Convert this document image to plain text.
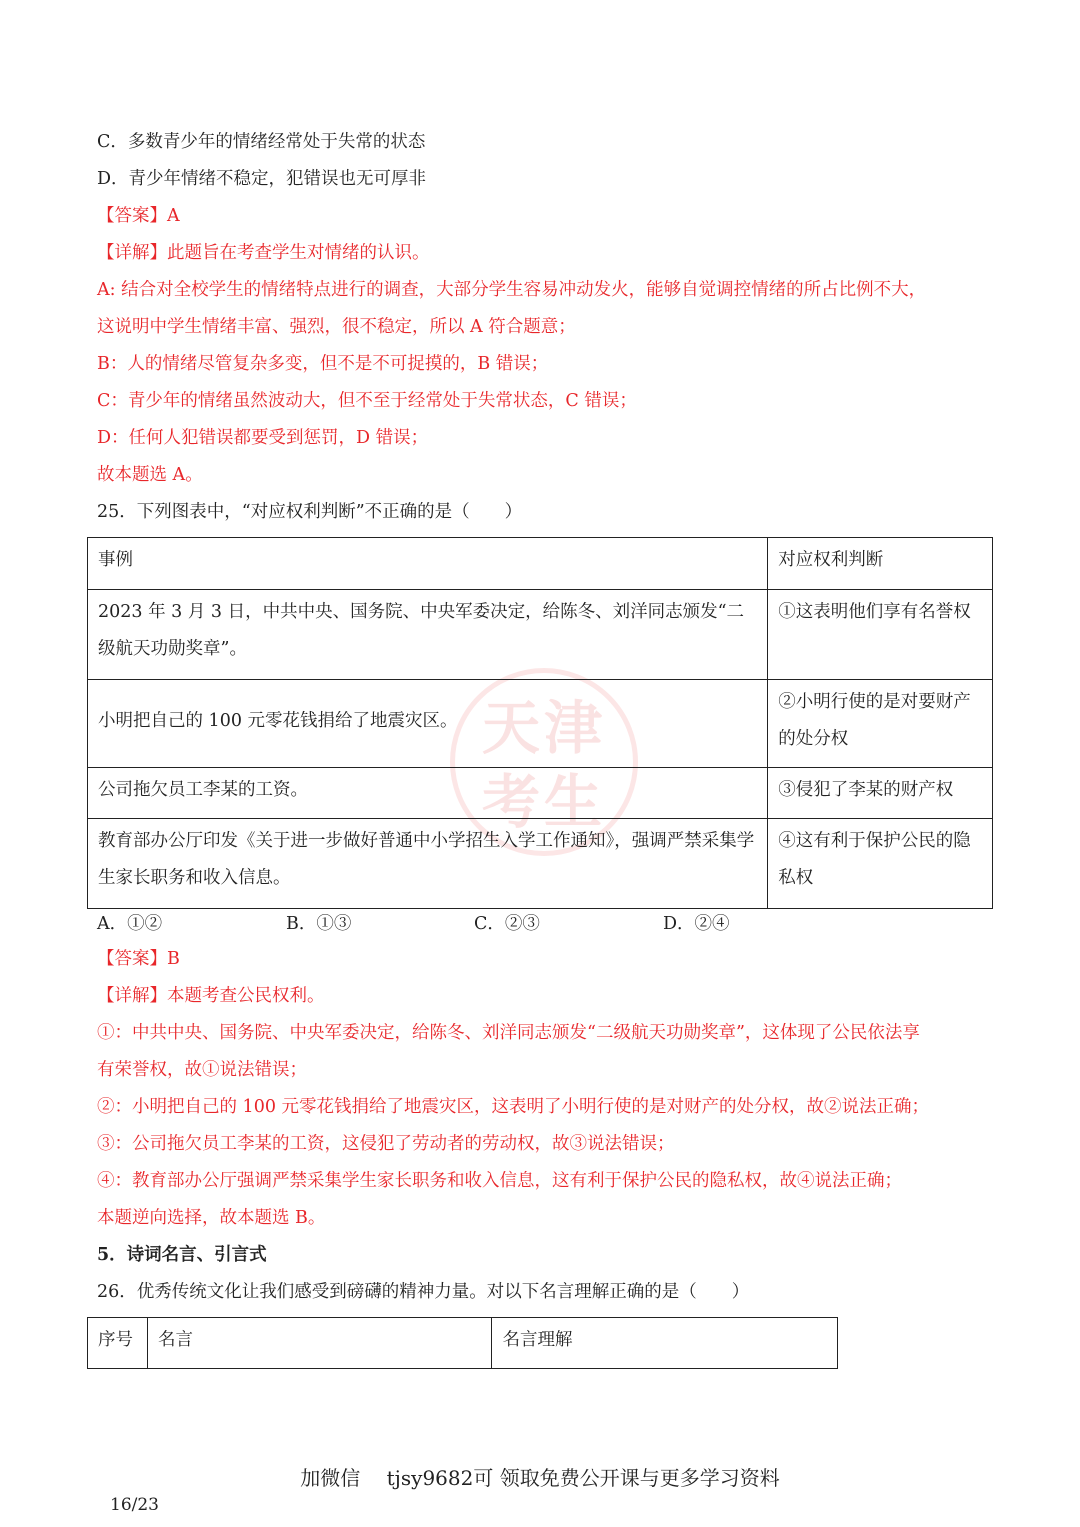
C．多数青少年的情绪经常处于失常的状态
D．青少年情绪不稳定，犯错误也无可厚非
【答案】A
【详解】此题旨在考查学生对情绪的认识。
A: 结合对全校学生的情绪特点进行的调查，大部分学生容易冲动发火，能够自觉调控情绪的所占比例不大，
这说明中学生情绪丰富、强烈，很不稳定，所以 A 符合题意；
B：人的情绪尽管复杂多变，但不是不可捉摸的，B 错误；
C：青少年的情绪虽然波动大，但不至于经常处于失常状态，C 错误；
D：任何人犯错误都要受到惩罚，D 错误；
故本题选 A。
25．下列图表中，“对应权利判断”不正确的是（　　）
天津
考生
事例	对应权利判断
2023 年 3 月 3 日，中共中央、国务院、中央军委决定，给陈冬、刘洋同志颁发“二级航天功勋奖章”。	①这表明他们享有名誉权
小明把自己的 100 元零花钱捐给了地震灾区。	②小明行使的是对要财产的处分权
公司拖欠员工李某的工资。	③侵犯了李某的财产权
教育部办公厅印发《关于进一步做好普通中小学招生入学工作通知》，强调严禁采集学生家长职务和收入信息。	④这有利于保护公民的隐私权
A．①②	B．①③	C．②③	D．②④
【答案】B
【详解】本题考查公民权利。
①：中共中央、国务院、中央军委决定，给陈冬、刘洋同志颁发“二级航天功勋奖章”，这体现了公民依法享
有荣誉权，故①说法错误；
②：小明把自己的 100 元零花钱捐给了地震灾区，这表明了小明行使的是对财产的处分权，故②说法正确；
③：公司拖欠员工李某的工资，这侵犯了劳动者的劳动权，故③说法错误；
④：教育部办公厅强调严禁采集学生家长职务和收入信息，这有利于保护公民的隐私权，故④说法正确；
本题逆向选择，故本题选 B。
5．诗词名言、引言式
26．优秀传统文化让我们感受到磅礴的精神力量。对以下名言理解正确的是（　　）
序号	名言	名言理解
加微信　 tjsy9682可 领取免费公开课与更多学习资料
16/23
